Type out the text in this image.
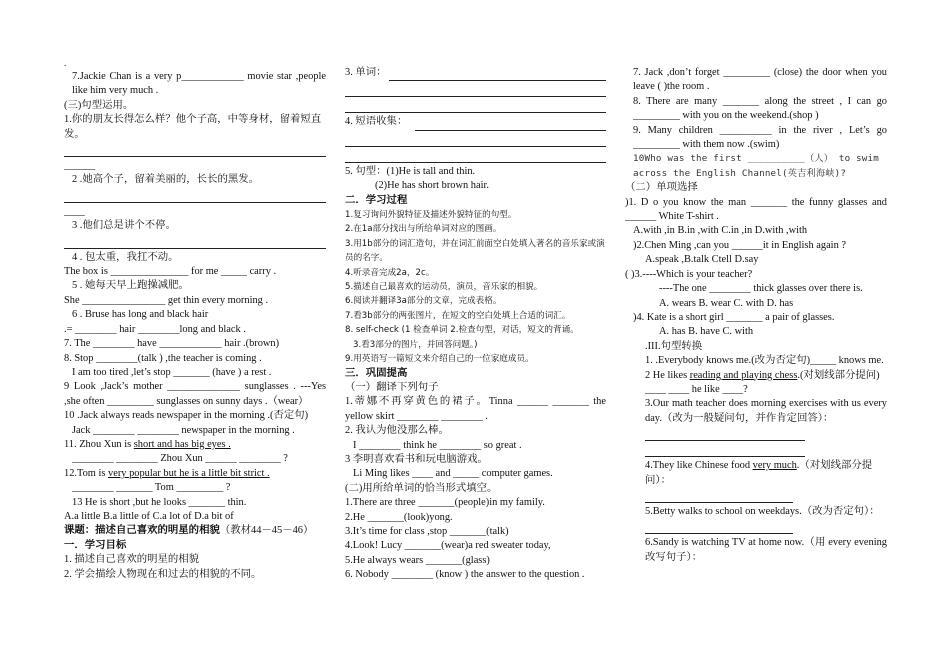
.

7.Jackie Chan is a very p____________ movie star ,people like him very much .

(三)句型运用。

1.你的朋友长得怎么样？他个子高，中等身材，留着短直发。

______

2 .她高个子，留着美丽的，长长的黑发。

____

3 .他们总是讲个不停。

4 . 包太重，我扛不动。

The box is _______________ for me _____ carry .

5 . 她每天早上跑操减肥。

She ________________ get thin every morning .

6 . Bruse has long and black hair

.= ________ hair ________long and black .

7. The ________ have ____________ hair .(brown)

8. Stop ________(talk ) ,the teacher is coming .

I am too tired ,let’s stop _______ (have ) a rest .

9 Look ,Jack’s mother ______________ sunglasses . ---Yes ,she often _________ sunglasses on sunny days .（wear）

10 .Jack always reads newspaper in the morning .(否定句)

Jack ________ ________ newspaper in the morning .

11. Zhou Xun is short and has big eyes .

________ ________ Zhou Xun ______ ________ ?

12.Tom is very popular but he is a little bit strict .

________ _______ Tom _________ ?

13 He is short ,but he looks _______ thin.

A.a little B.a little of C.a lot of D.a bit of

课题：描述自己喜欢的明星的相貌（教材44－45－46）

一．学习目标

1. 描述自己喜欢的明星的相貌

2. 学会描绘人物现在和过去的相貌的不同。

3. 单词：

4. 短语收集：

5. 句型：(1)He is tall and thin.

(2)He has short brown hair.

二．学习过程

1.复习询问外貌特征及描述外貌特征的句型。

2.在1a部分找出与所给单词对应的图画。

3.用1b部分的词汇造句，并在词汇前面空白处填入著名的音乐家或演员的名字。

4.听录音完成2a，2c。

5.描述自己最喜欢的运动员，演员，音乐家的相貌。

6.阅读并翻译3a部分的文章，完成表格。

7.看3b部分的两张图片，在短文的空白处填上合适的词汇。

8. self-check (1 检查单词 2.检查句型，对话，短文的背诵。

3.看3部分的图片，并回答问题。)

9.用英语写一篇短文来介绍自己的一位家庭成员。

三．巩固提高

（一）翻译下列句子

1.蒂娜不再穿黄色的裙子。Tinna ______ _______ the yellow skirt ________ ________ .

2. 我认为他没那么棒。

I ________ think he ________ so great .

3 李明喜欢看书和玩电脑游戏。

Li Ming likes ____ and _____ computer games.

(二)用所给单词的恰当形式填空。

1.There are three _______(people)in my family.

2.He _______(look)yong.

3.It’s time for class ,stop _______(talk)

4.Look! Lucy _______(wear)a red sweater today,

5.He always wears _______(glass)

6. Nobody ________ (know ) the answer to the question .

7. Jack ,don’t forget _________ (close) the door when you leave ( )the room .

8. There are many _______ along the street , I can go _________ with you on the weekend.(shop )

9. Many children __________ in the river , Let’s go _________ with them now .(swim)

10Who was the first __________（人） to swim across the English Channel(英吉利海峡)?

（二）单项选择

)1. D o you know the man _______ the funny glasses and ______ White T-shirt .

A.with ,in B.in ,with C.in ,in D.with ,with

)2.Chen Ming ,can you ______it in English again ?

A.speak ,B.talk Ctell D.say

( )3.----Which is your teacher?

----The one ________ thick glasses over there is.

A. wears B. wear C. with D. has

)4. Kate is a short girl _______ a pair of glasses.

A. has B. have C. with

.III.句型转换

1. .Everybody knows me.(改为否定句)_____ knows me.

2 He likes reading and playing chess.(对划线部分提问)

____ ____ he like ____?

3.Our math teacher does morning exercises with us every day.（改为一般疑问句，并作肯定回答）：

4.They like Chinese food very much.（对划线部分提问）：

5.Betty walks to school on weekdays.（改为否定句）：

6.Sandy is watching TV at home now.（用 every evening改写句子）：
